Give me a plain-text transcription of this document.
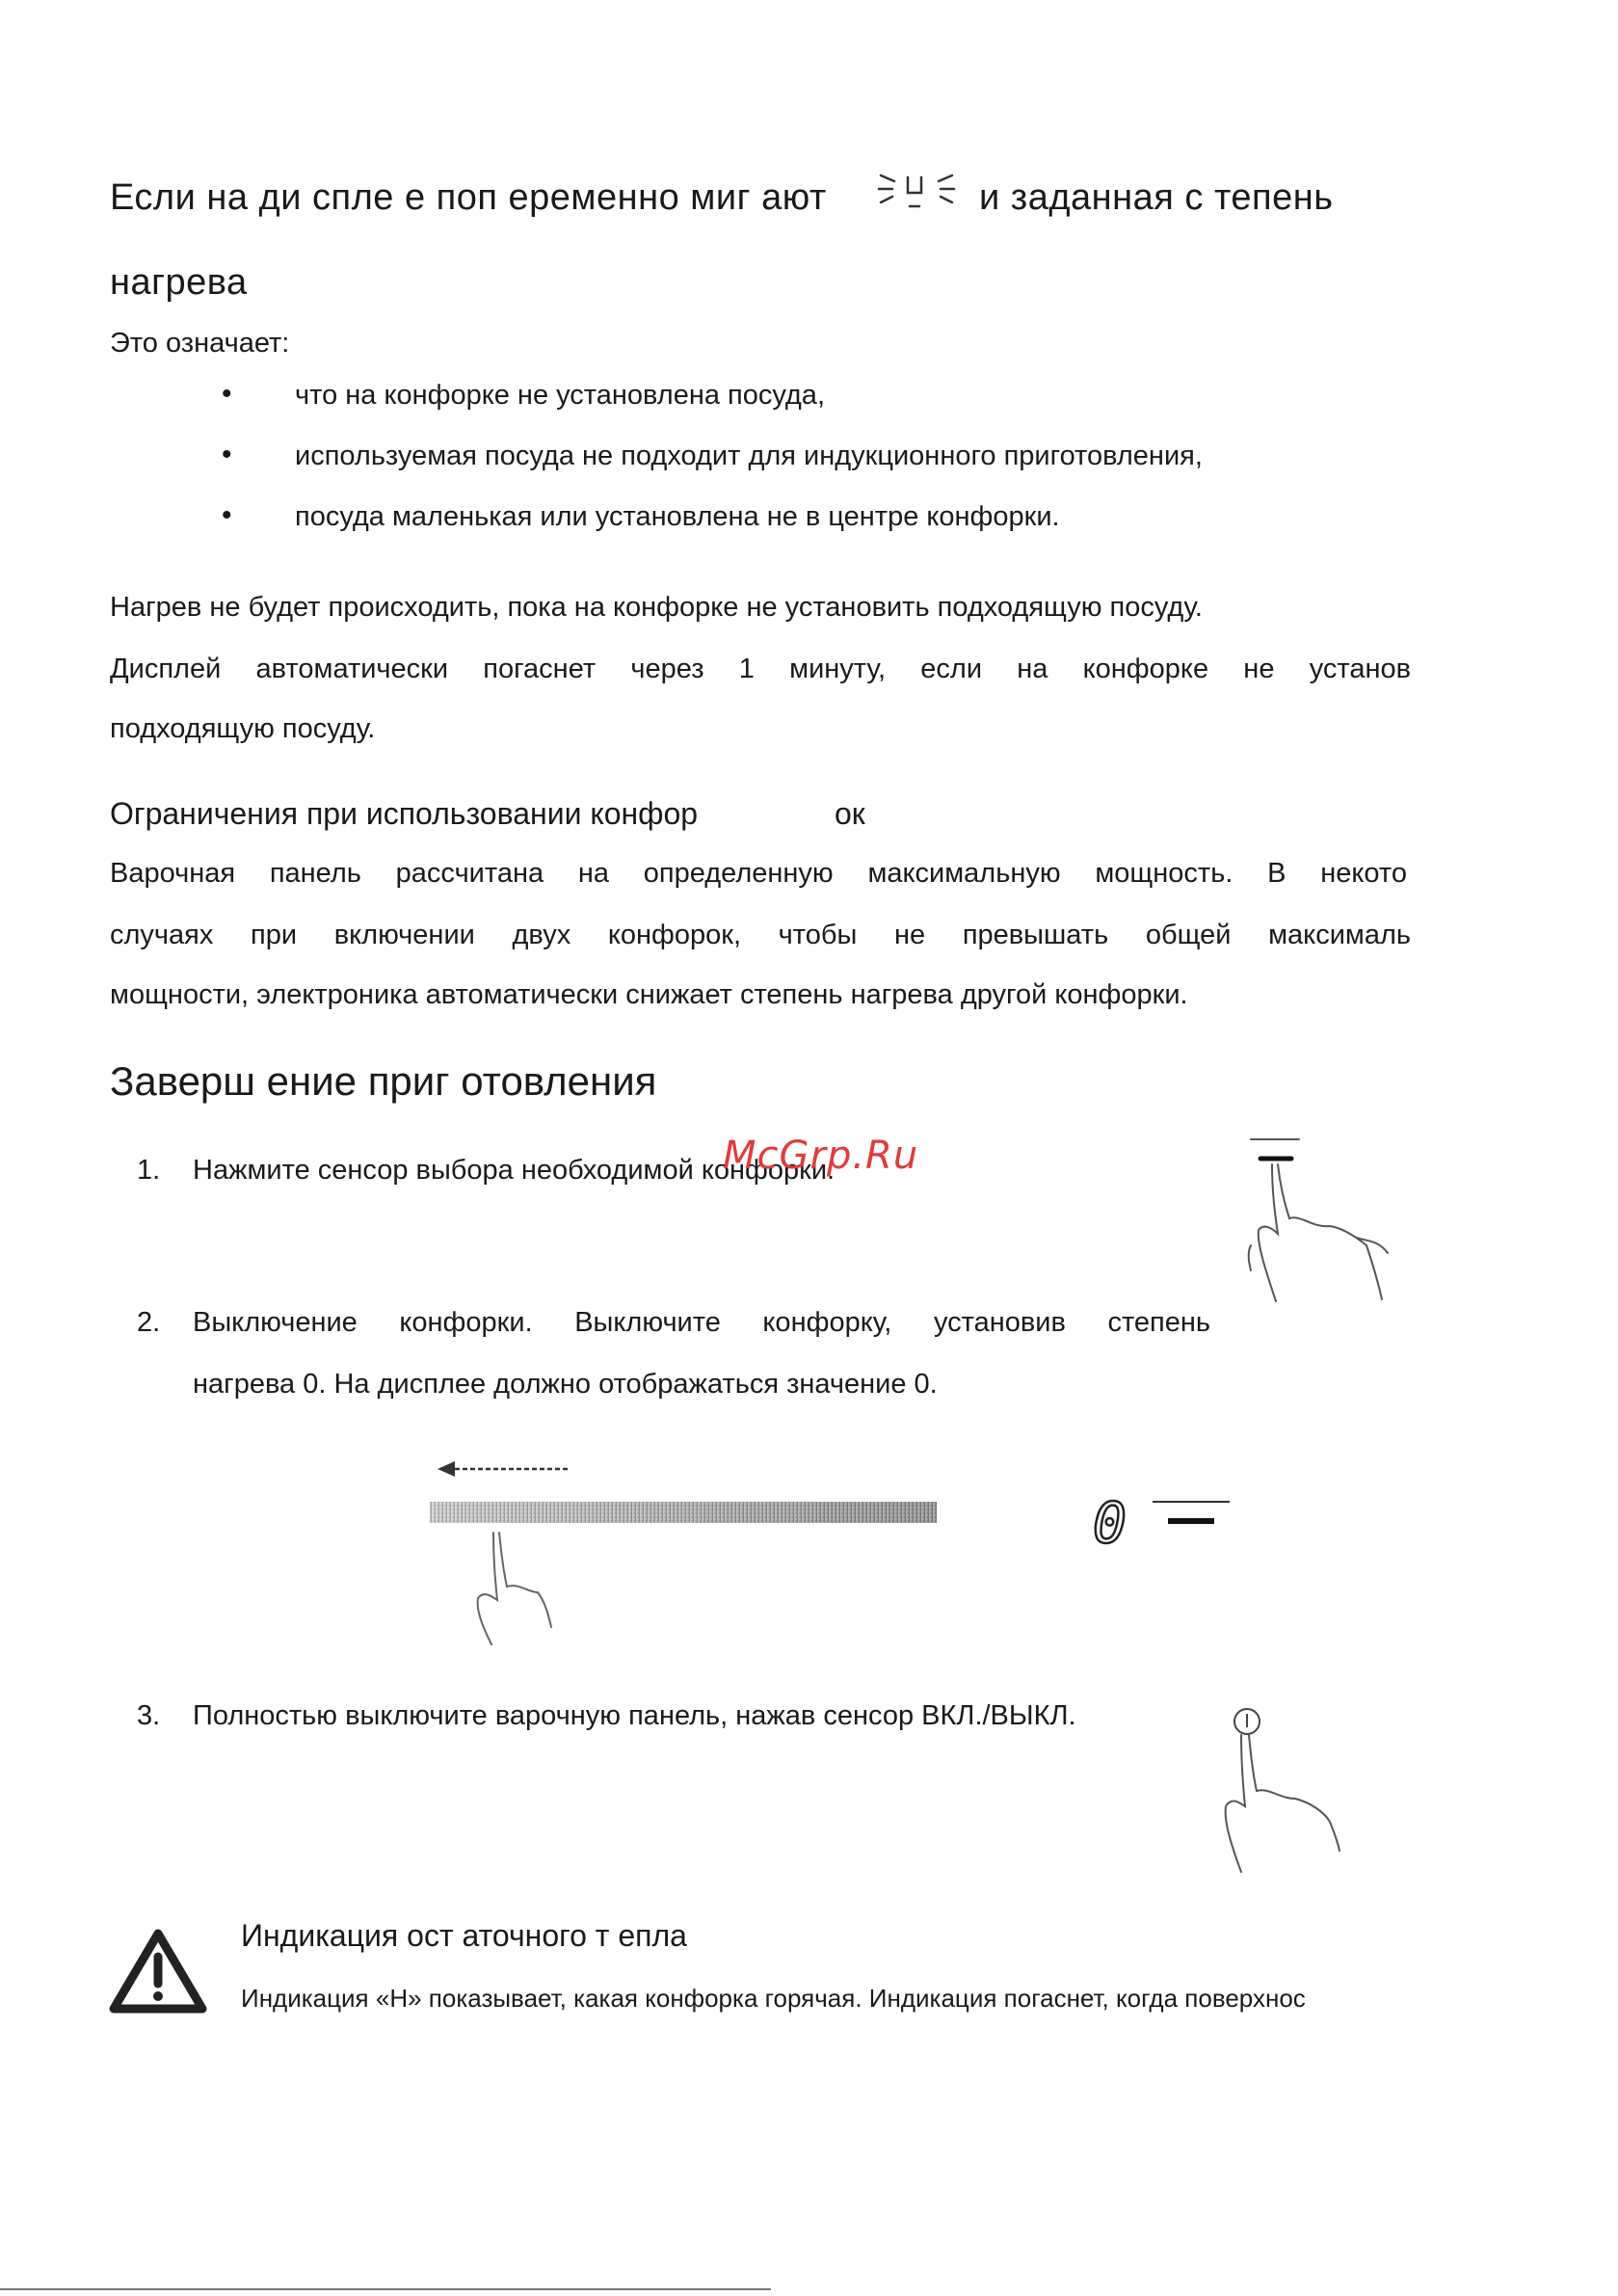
Если на ди спле е поп еременно миг ают	и заданная с тепень
нагрева
Это означает:
• что на конфорке не установлена посуда,
• используемая посуда не подходит для индукционного приготовления,
• посуда маленькая или установлена не в центре конфорки.
Нагрев не будет происходить, пока на конфорке не установить подходящую посуду.
Дисплей автоматически погаснет через 1 минуту, если на конфорке не установ
подходящую посуду.
Ограничения при использовании конфор	ок
Варочная панель рассчитана на определенную максимальную мощность. В некото
случаях при включении двух конфорок, чтобы не превышать общей максималь
мощности, электроника автоматически снижает степень нагрева другой конфорки.
Заверш ение приг отовления
1. Нажмите сенсор выбора необходимой конфорки.
McGrp.Ru
2. Выключение конфорки. Выключите конфорку, установив степень
нагрева 0. На дисплее должно отображаться значение 0.
0
3. Полностью выключите варочную панель, нажав сенсор ВКЛ./ВЫКЛ.
Индикация ост аточного т епла
Индикация «Н» показывает, какая конфорка горячая. Индикация погаснет, когда поверхнос
